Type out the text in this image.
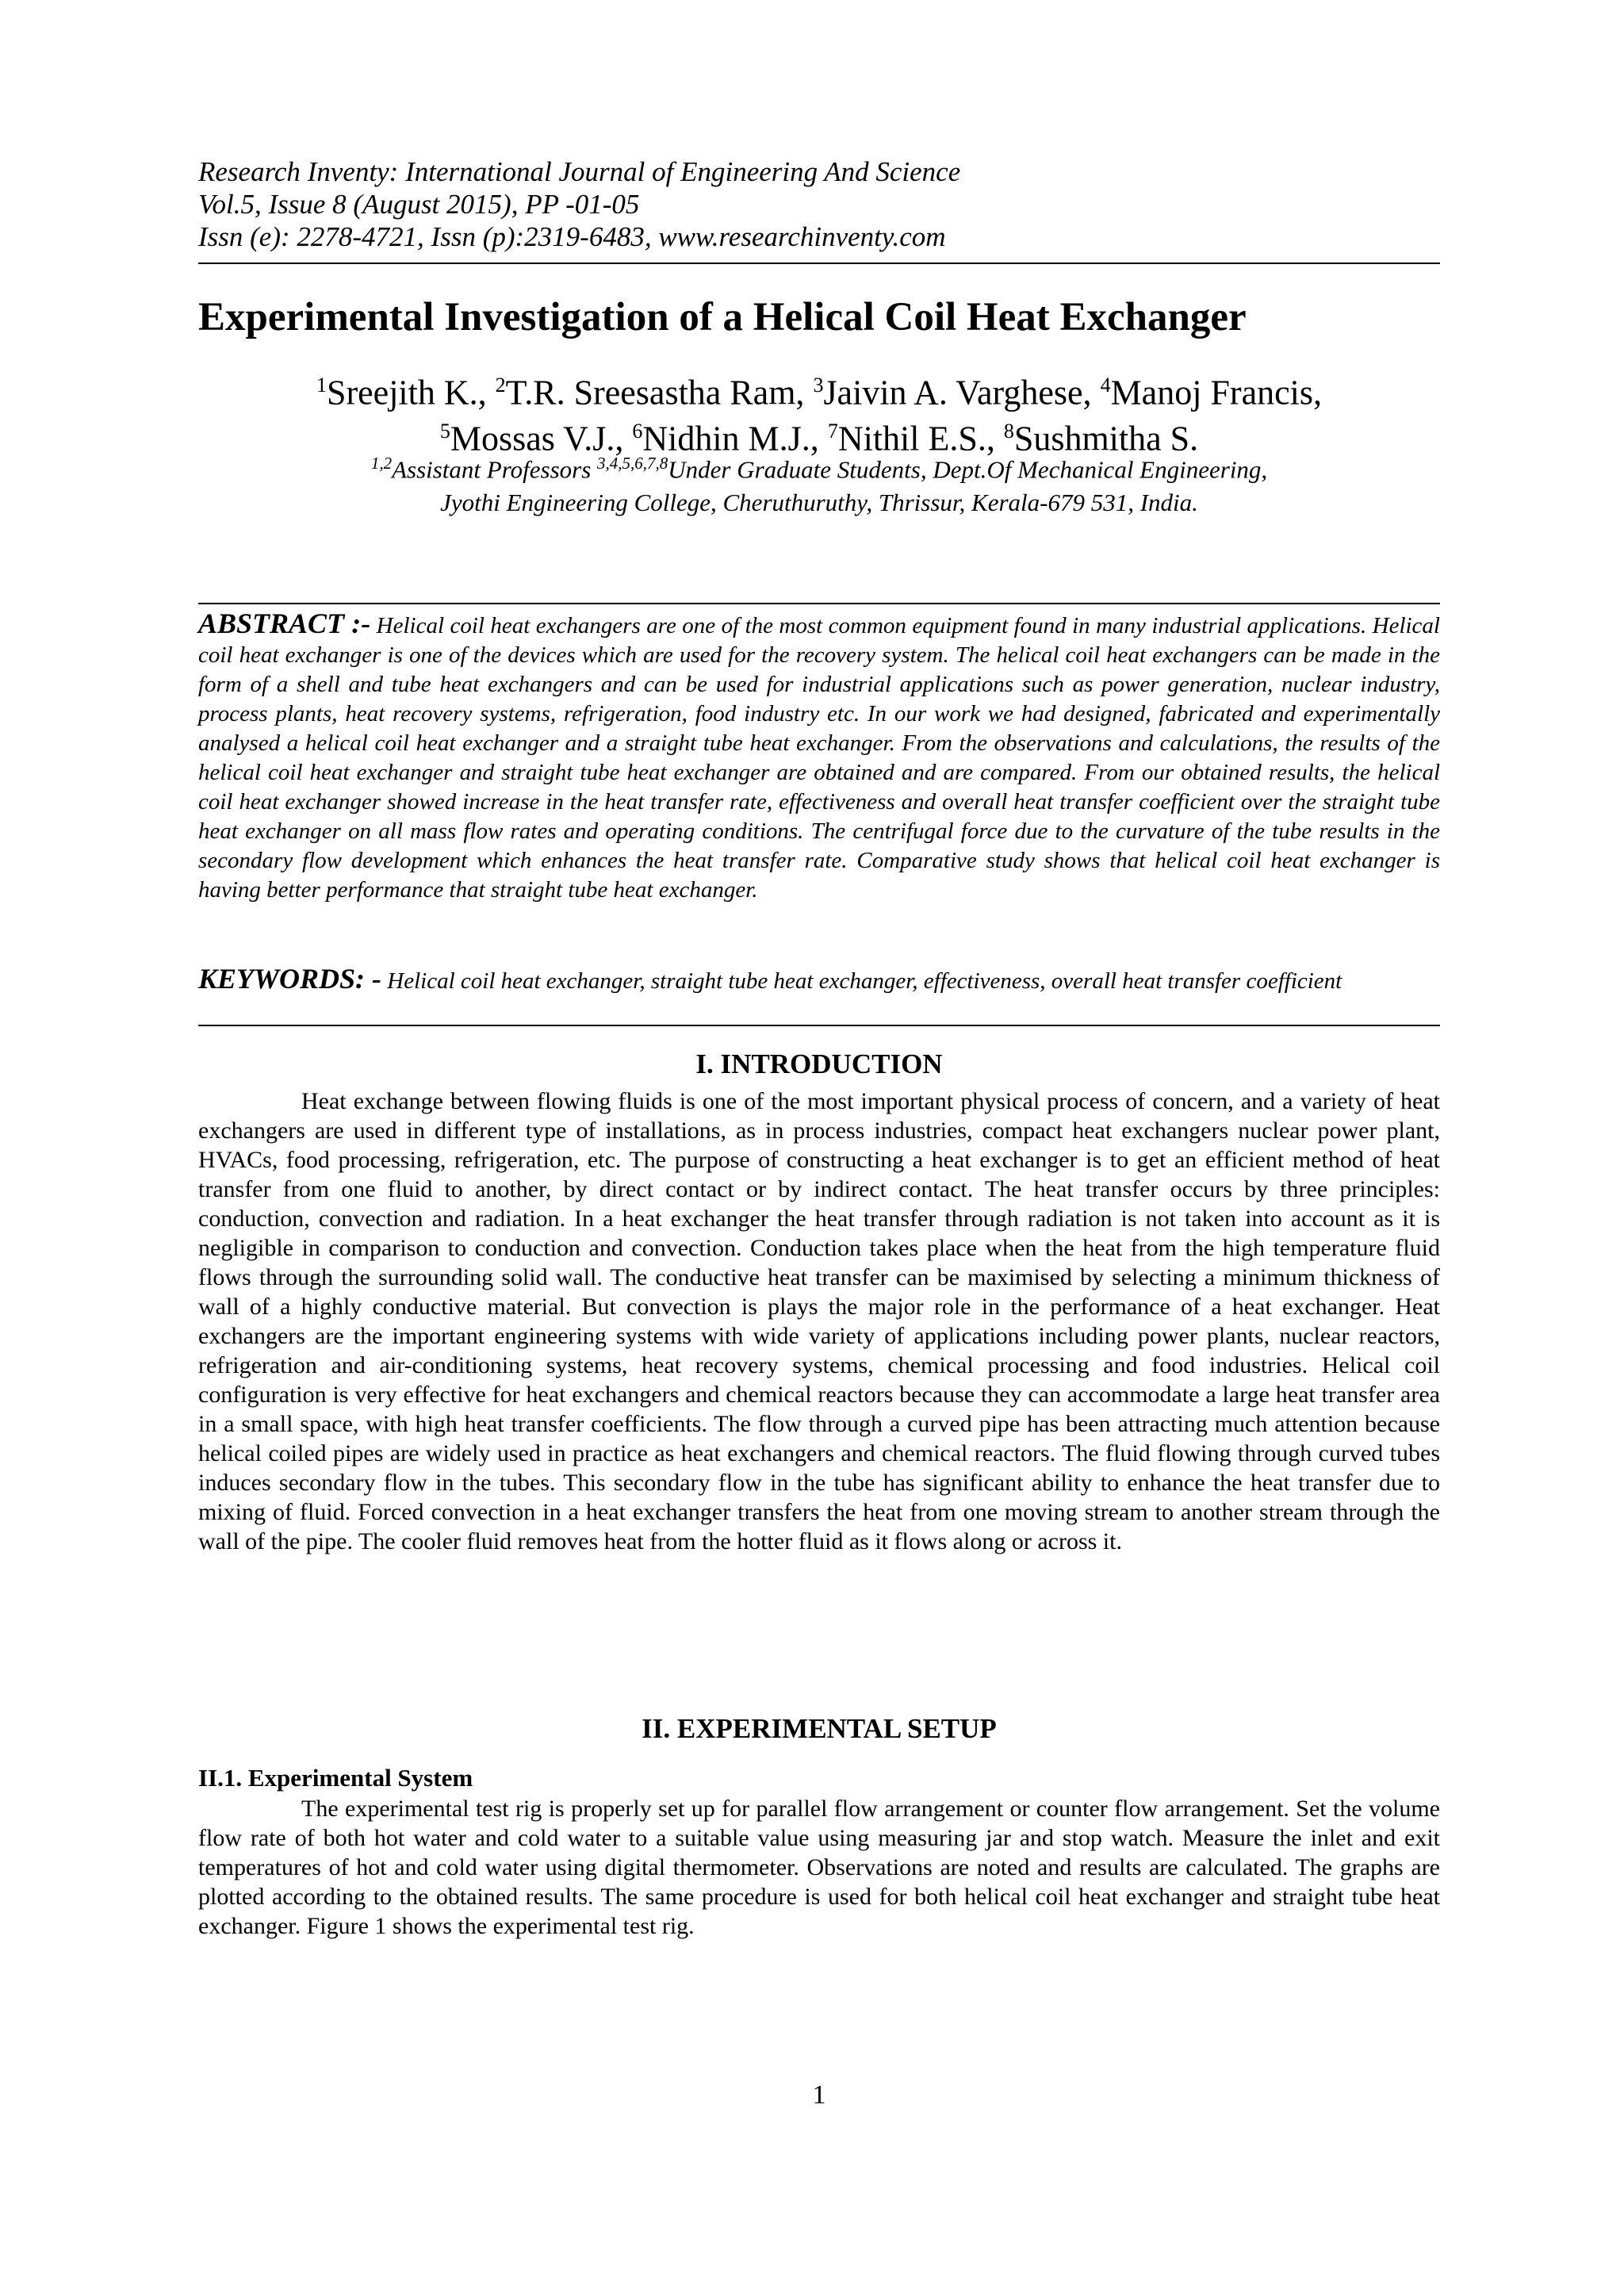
Research Inventy: International Journal of Engineering And Science
Vol.5, Issue 8 (August 2015), PP -01-05
Issn (e): 2278-4721, Issn (p):2319-6483, www.researchinventy.com
Experimental Investigation of a Helical Coil Heat Exchanger
$^1$Sreejith K., $^2$T.R. Sreesastha Ram, $^3$Jaivin A. Varghese, $^4$Manoj Francis,
$^5$Mossas V.J., $^6$Nidhin M.J., $^7$Nithil E.S., $^8$Sushmitha S.
$^{1,2}$Assistant Professors $^{3,4,5,6,7,8}$Under Graduate Students, Dept.Of Mechanical Engineering,
Jyothi Engineering College, Cheruthuruthy, Thrissur, Kerala-679 531, India.
ABSTRACT :- Helical coil heat exchangers are one of the most common equipment found in many industrial applications. Helical coil heat exchanger is one of the devices which are used for the recovery system. The helical coil heat exchangers can be made in the form of a shell and tube heat exchangers and can be used for industrial applications such as power generation, nuclear industry, process plants, heat recovery systems, refrigeration, food industry etc. In our work we had designed, fabricated and experimentally analysed a helical coil heat exchanger and a straight tube heat exchanger. From the observations and calculations, the results of the helical coil heat exchanger and straight tube heat exchanger are obtained and are compared. From our obtained results, the helical coil heat exchanger showed increase in the heat transfer rate, effectiveness and overall heat transfer coefficient over the straight tube heat exchanger on all mass flow rates and operating conditions. The centrifugal force due to the curvature of the tube results in the secondary flow development which enhances the heat transfer rate. Comparative study shows that helical coil heat exchanger is having better performance that straight tube heat exchanger.
KEYWORDS: - Helical coil heat exchanger, straight tube heat exchanger, effectiveness, overall heat transfer coefficient
I. INTRODUCTION
Heat exchange between flowing fluids is one of the most important physical process of concern, and a variety of heat exchangers are used in different type of installations, as in process industries, compact heat exchangers nuclear power plant, HVACs, food processing, refrigeration, etc. The purpose of constructing a heat exchanger is to get an efficient method of heat transfer from one fluid to another, by direct contact or by indirect contact. The heat transfer occurs by three principles: conduction, convection and radiation. In a heat exchanger the heat transfer through radiation is not taken into account as it is negligible in comparison to conduction and convection. Conduction takes place when the heat from the high temperature fluid flows through the surrounding solid wall. The conductive heat transfer can be maximised by selecting a minimum thickness of wall of a highly conductive material. But convection is plays the major role in the performance of a heat exchanger. Heat exchangers are the important engineering systems with wide variety of applications including power plants, nuclear reactors, refrigeration and air-conditioning systems, heat recovery systems, chemical processing and food industries. Helical coil configuration is very effective for heat exchangers and chemical reactors because they can accommodate a large heat transfer area in a small space, with high heat transfer coefficients. The flow through a curved pipe has been attracting much attention because helical coiled pipes are widely used in practice as heat exchangers and chemical reactors. The fluid flowing through curved tubes induces secondary flow in the tubes. This secondary flow in the tube has significant ability to enhance the heat transfer due to mixing of fluid. Forced convection in a heat exchanger transfers the heat from one moving stream to another stream through the wall of the pipe. The cooler fluid removes heat from the hotter fluid as it flows along or across it.
II. EXPERIMENTAL SETUP
II.1. Experimental System
The experimental test rig is properly set up for parallel flow arrangement or counter flow arrangement. Set the volume flow rate of both hot water and cold water to a suitable value using measuring jar and stop watch. Measure the inlet and exit temperatures of hot and cold water using digital thermometer. Observations are noted and results are calculated. The graphs are plotted according to the obtained results. The same procedure is used for both helical coil heat exchanger and straight tube heat exchanger. Figure 1 shows the experimental test rig.
1
